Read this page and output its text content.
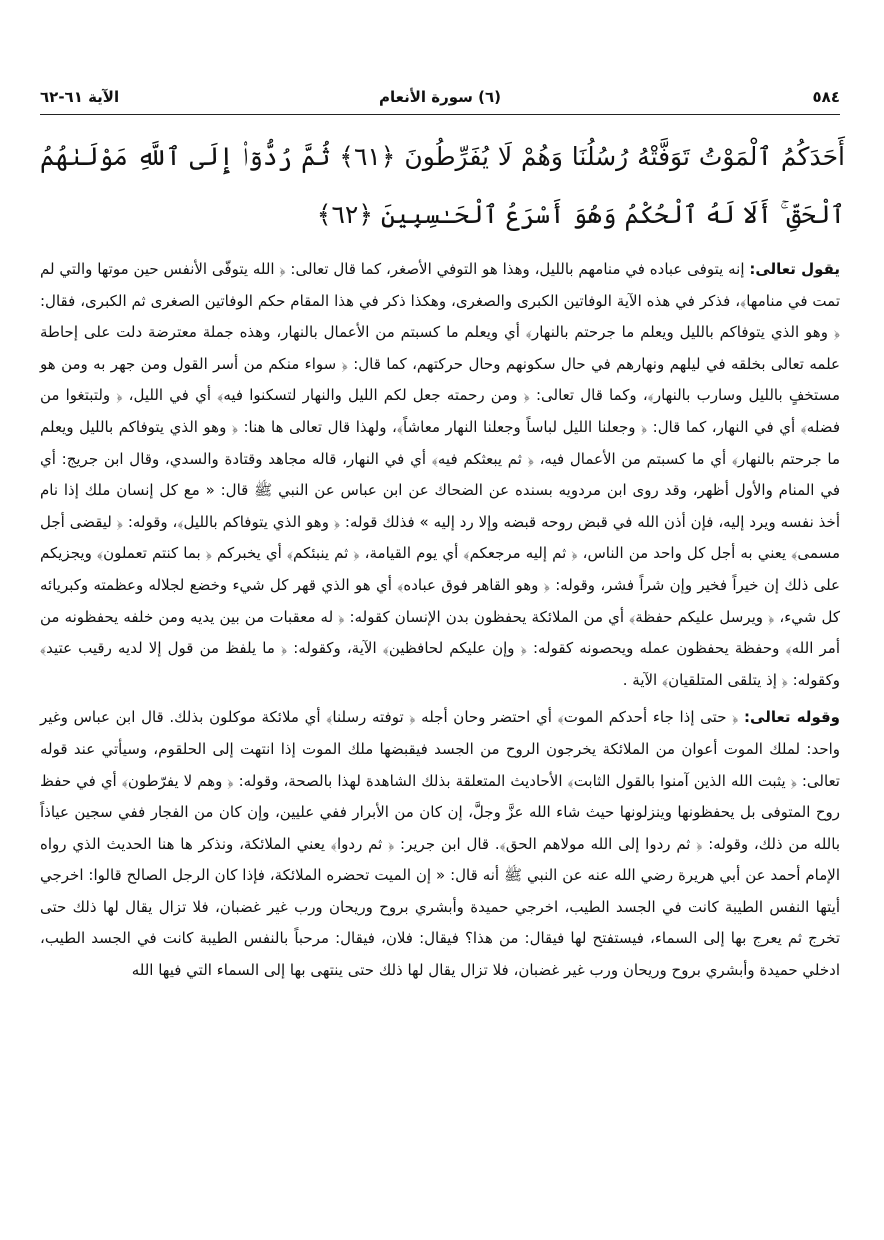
٥٨٤
(٦) سورة الأنعام
الآية ٦١-٦٢
أَحَدَكُمُ ٱلْمَوْتُ تَوَفَّتْهُ رُسُلُنَا وَهُمْ لَا يُفَرِّطُونَ ﴿٦١﴾ ثُمَّ رُدُّوٓا۟ إِلَى ٱللَّهِ مَوْلَىٰهُمُ ٱلْحَقِّ ۚ أَلَا لَهُ ٱلْحُكْمُ وَهُوَ أَسْرَعُ ٱلْحَـٰسِبِينَ ﴿٦٢﴾

يقول تعالى: إنه يتوفى عباده في منامهم بالليل، وهذا هو التوفي الأصغر، كما قال تعالى: ﴿ الله يتوفّى الأنفس حين موتها والتي لم تمت في منامها﴾، فذكر في هذه الآية الوفاتين الكبرى والصغرى، وهكذا ذكر في هذا المقام حكم الوفاتين الصغرى ثم الكبرى، فقال: ﴿ وهو الذي يتوفاكم بالليل ويعلم ما جرحتم بالنهار﴾ أي ويعلم ما كسبتم من الأعمال بالنهار، وهذه جملة معترضة دلت على إحاطة علمه تعالى بخلقه في ليلهم ونهارهم في حال سكونهم وحال حركتهم، كما قال: ﴿ سواء منكم من أسر القول ومن جهر به ومن هو مستخفٍ بالليل وسارب بالنهار﴾، وكما قال تعالى: ﴿ ومن رحمته جعل لكم الليل والنهار لتسكنوا فيه﴾ أي في الليل، ﴿ ولتبتغوا من فضله﴾ أي في النهار، كما قال: ﴿ وجعلنا الليل لباساً وجعلنا النهار معاشاً﴾، ولهذا قال تعالى ها هنا: ﴿ وهو الذي يتوفاكم بالليل ويعلم ما جرحتم بالنهار﴾ أي ما كسبتم من الأعمال فيه، ﴿ ثم يبعثكم فيه﴾ أي في النهار، قاله مجاهد وقتادة والسدي، وقال ابن جريج: أي في المنام والأول أظهر، وقد روى ابن مردويه بسنده عن الضحاك عن ابن عباس عن النبي ﷺ قال: « مع كل إنسان ملك إذا نام أخذ نفسه ويرد إليه، فإن أذن الله في قبض روحه قبضه وإلا رد إليه » فذلك قوله: ﴿ وهو الذي يتوفاكم بالليل﴾، وقوله: ﴿ ليقضى أجل مسمى﴾ يعني به أجل كل واحد من الناس، ﴿ ثم إليه مرجعكم﴾ أي يوم القيامة، ﴿ ثم ينبئكم﴾ أي يخبركم ﴿ بما كنتم تعملون﴾ ويجزيكم على ذلك إن خيراً فخير وإن شراً فشر، وقوله: ﴿ وهو القاهر فوق عباده﴾ أي هو الذي قهر كل شيء وخضع لجلاله وعظمته وكبريائه كل شيء، ﴿ ويرسل عليكم حفظة﴾ أي من الملائكة يحفظون بدن الإنسان كقوله: ﴿ له معقبات من بين يديه ومن خلفه يحفظونه من أمر الله﴾ وحفظة يحفظون عمله ويحصونه كقوله: ﴿ وإن عليكم لحافظين﴾ الآية، وكقوله: ﴿ ما يلفظ من قول إلا لديه رقيب عتيد﴾ وكقوله: ﴿ إذ يتلقى المتلقيان﴾ الآية .

وقوله تعالى: ﴿ حتى إذا جاء أحدكم الموت﴾ أي احتضر وحان أجله ﴿ توفته رسلنا﴾ أي ملائكة موكلون بذلك. قال ابن عباس وغير واحد: لملك الموت أعوان من الملائكة يخرجون الروح من الجسد فيقبضها ملك الموت إذا انتهت إلى الحلقوم، وسيأتي عند قوله تعالى: ﴿ يثبت الله الذين آمنوا بالقول الثابت﴾ الأحاديث المتعلقة بذلك الشاهدة لهذا بالصحة، وقوله: ﴿ وهم لا يفرّطون﴾ أي في حفظ روح المتوفى بل يحفظونها وينزلونها حيث شاء الله عزَّ وجلَّ، إن كان من الأبرار ففي عليين، وإن كان من الفجار ففي سجين عياذاً بالله من ذلك، وقوله: ﴿ ثم ردوا إلى الله مولاهم الحق﴾. قال ابن جرير: ﴿ ثم ردوا﴾ يعني الملائكة، ونذكر ها هنا الحديث الذي رواه الإمام أحمد عن أبي هريرة رضي الله عنه عن النبي ﷺ أنه قال: « إن الميت تحضره الملائكة، فإذا كان الرجل الصالح قالوا: اخرجي أيتها النفس الطيبة كانت في الجسد الطيب، اخرجي حميدة وأبشري بروح وريحان ورب غير غضبان، فلا تزال يقال لها ذلك حتى تخرج ثم يعرج بها إلى السماء، فيستفتح لها فيقال: من هذا؟ فيقال: فلان، فيقال: مرحباً بالنفس الطيبة كانت في الجسد الطيب، ادخلي حميدة وأبشري بروح وريحان ورب غير غضبان، فلا تزال يقال لها ذلك حتى ينتهى بها إلى السماء التي فيها الله
